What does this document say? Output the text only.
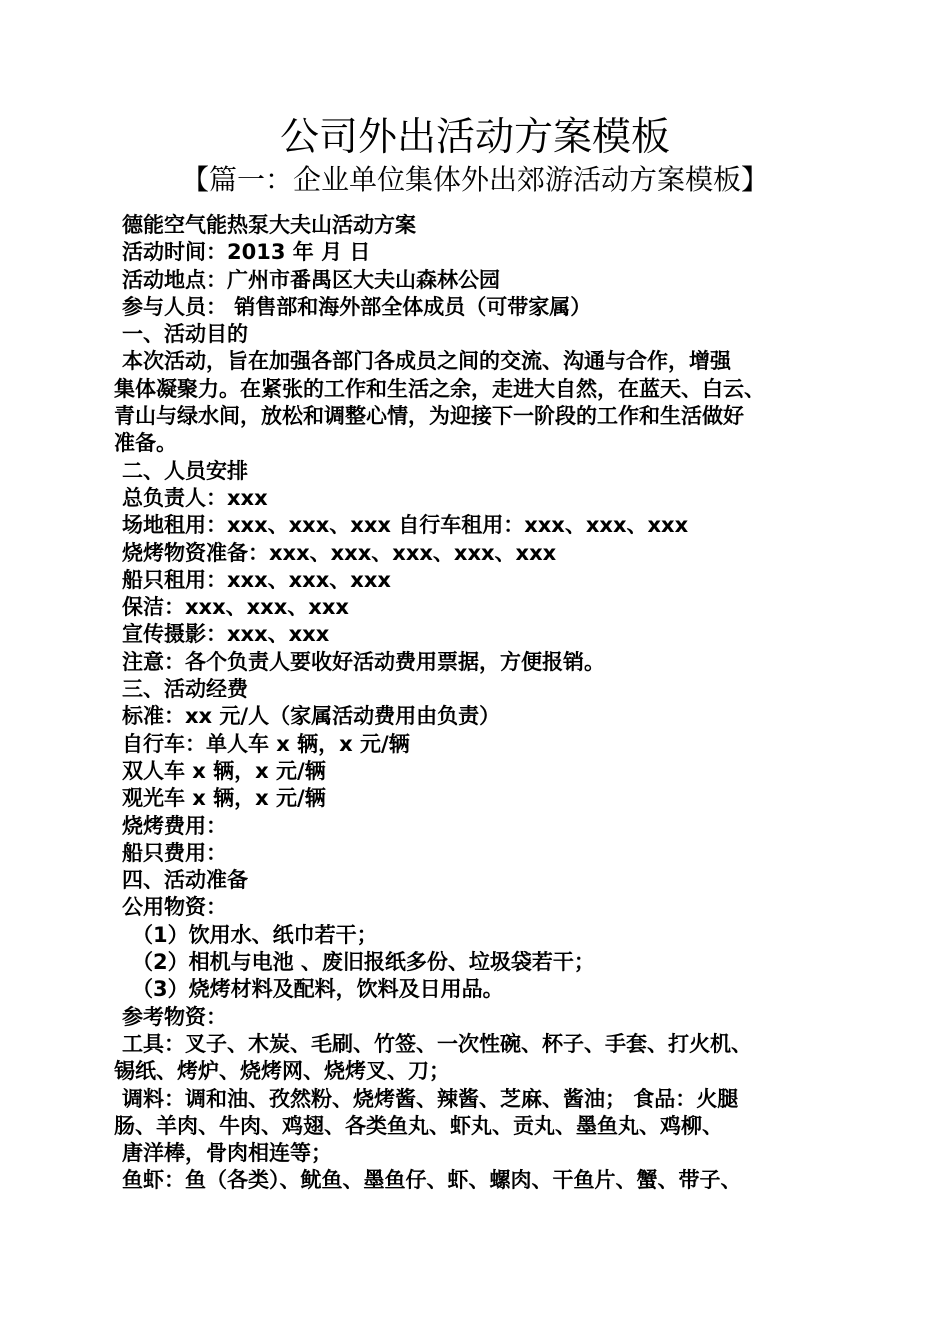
公司外出活动方案模板
【篇一：企业单位集体外出郊游活动方案模板】
德能空气能热泵大夫山活动方案
活动时间：2013 年 月 日
活动地点：广州市番禺区大夫山森林公园
参与人员： 销售部和海外部全体成员（可带家属）
一、活动目的
本次活动，旨在加强各部门各成员之间的交流、沟通与合作，增强
集体凝聚力。在紧张的工作和生活之余，走进大自然，在蓝天、白云、
青山与绿水间，放松和调整心情，为迎接下一阶段的工作和生活做好
准备。
二、人员安排
总负责人：xxx
场地租用：xxx、xxx、xxx 自行车租用：xxx、xxx、xxx
烧烤物资准备：xxx、xxx、xxx、xxx、xxx
船只租用：xxx、xxx、xxx
保洁：xxx、xxx、xxx
宣传摄影：xxx、xxx
注意：各个负责人要收好活动费用票据，方便报销。
三、活动经费
标准：xx 元/人（家属活动费用由负责）
自行车：单人车 x 辆，x 元/辆
双人车 x 辆，x 元/辆
观光车 x 辆，x 元/辆
烧烤费用：
船只费用：
四、活动准备
公用物资：
（1）饮用水、纸巾若干；
（2）相机与电池 、废旧报纸多份、垃圾袋若干；
（3）烧烤材料及配料，饮料及日用品。
参考物资：
工具：叉子、木炭、毛刷、竹签、一次性碗、杯子、手套、打火机、
锡纸、烤炉、烧烤网、烧烤叉、刀；
调料：调和油、孜然粉、烧烤酱、辣酱、芝麻、酱油； 食品：火腿
肠、羊肉、牛肉、鸡翅、各类鱼丸、虾丸、贡丸、墨鱼丸、鸡柳、
唐洋棒，骨肉相连等；
鱼虾：鱼（各类）、鱿鱼、墨鱼仔、虾、螺肉、干鱼片、蟹、带子、
